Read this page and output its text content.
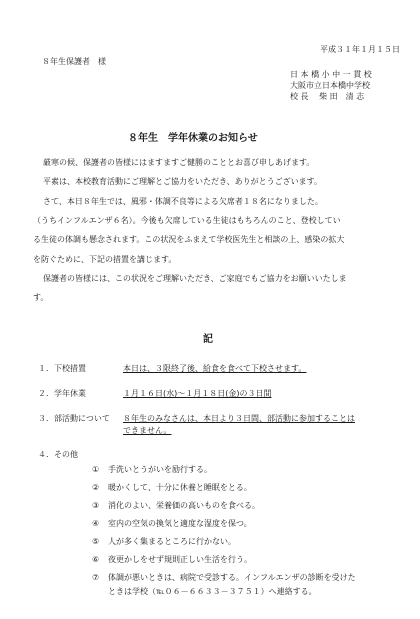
平成３１年１月１５日
８年生保護者　様
日 本 橋 小 中 一 貫 校
大阪市立日本橋中学校
校 長　 柴 田　清 志
８年生　学年休業のお知らせ
厳寒の候、保護者の皆様にはますますご健勝のこととお喜び申しあげます。
平素は、本校教育活動にご理解とご協力をいただき、ありがとうございます。
さて、本日８年生では、風邪・体調不良等による欠席者１８名になりました。
（うちインフルエンザ６名）。今後も欠席している生徒はもちろんのこと、登校してい
る生徒の体調も懸念されます。この状況をふまえて学校医先生と相談の上、感染の拡大
を防ぐために、下記の措置を講じます。
保護者の皆様には、この状況をご理解いただき、ご家庭でもご協力をお願いいたしま
す。
記
１．下校措置	本日は、３限終了後、給食を食べて下校させます。
２．学年休業	１月１６日(水)～１月１８日(金)の３日間
３．部活動について ８年生のみなさんは、本日より３日間、部活動に参加することは
できません。
４．その他
① 手洗いとうがいを励行する。
② 暖かくして、十分に休養と睡眠をとる。
③ 消化のよい、栄養価の高いものを食べる。
④ 室内の空気の換気と適度な湿度を保つ。
⑤ 人が多く集まるところに行かない。
⑥ 夜更かしをせず規則正しい生活を行う。
⑦ 体調が悪いときは、病院で受診する。インフルエンザの診断を受けた
ときは学校（℡０６－６６３３－３７５１）へ連絡する。
